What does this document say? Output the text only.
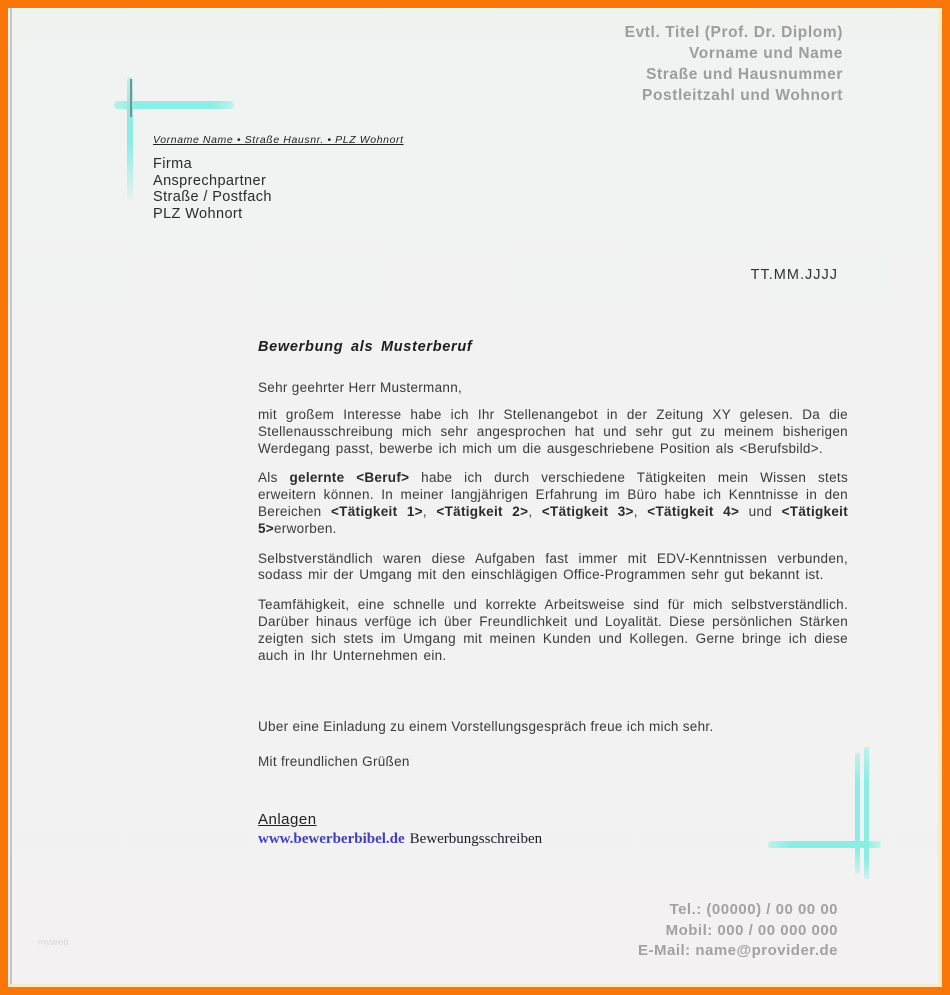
Evtl. Titel (Prof. Dr. Diplom)
Vorname und Name
Straße und Hausnummer
Postleitzahl und Wohnort
Vorname Name • Straße Hausnr. • PLZ Wohnort
Firma
Ansprechpartner
Straße / Postfach
PLZ Wohnort
TT.MM.JJJJ
Bewerbung als Musterberuf
Sehr geehrter Herr Mustermann,

mit großem Interesse habe ich Ihr Stellenangebot in der Zeitung XY gelesen. Da die Stellenausschreibung mich sehr angesprochen hat und sehr gut zu meinem bisherigen Werdegang passt, bewerbe ich mich um die ausgeschriebene Position als <Berufsbild>.

Als gelernte <Beruf> habe ich durch verschiedene Tätigkeiten mein Wissen stets erweitern können. In meiner langjährigen Erfahrung im Büro habe ich Kenntnisse in den Bereichen <Tätigkeit 1>, <Tätigkeit 2>, <Tätigkeit 3>, <Tätigkeit 4> und <Tätigkeit 5>erworben.

Selbstverständlich waren diese Aufgaben fast immer mit EDV-Kenntnissen verbunden, sodass mir der Umgang mit den einschlägigen Office-Programmen sehr gut bekannt ist.

Teamfähigkeit, eine schnelle und korrekte Arbeitsweise sind für mich selbstverständlich. Darüber hinaus verfüge ich über Freundlichkeit und Loyalität. Diese persönlichen Stärken zeigten sich stets im Umgang mit meinen Kunden und Kollegen. Gerne bringe ich diese auch in Ihr Unternehmen ein.

Uber eine Einladung zu einem Vorstellungsgespräch freue ich mich sehr.
Mit freundlichen Grüßen
Anlagen
www.bewerberbibel.de Bewerbungsschreiben
Tel.: (00000) / 00 00 00
Mobil: 000 / 00 000 000
E-Mail: name@provider.de
myweb
